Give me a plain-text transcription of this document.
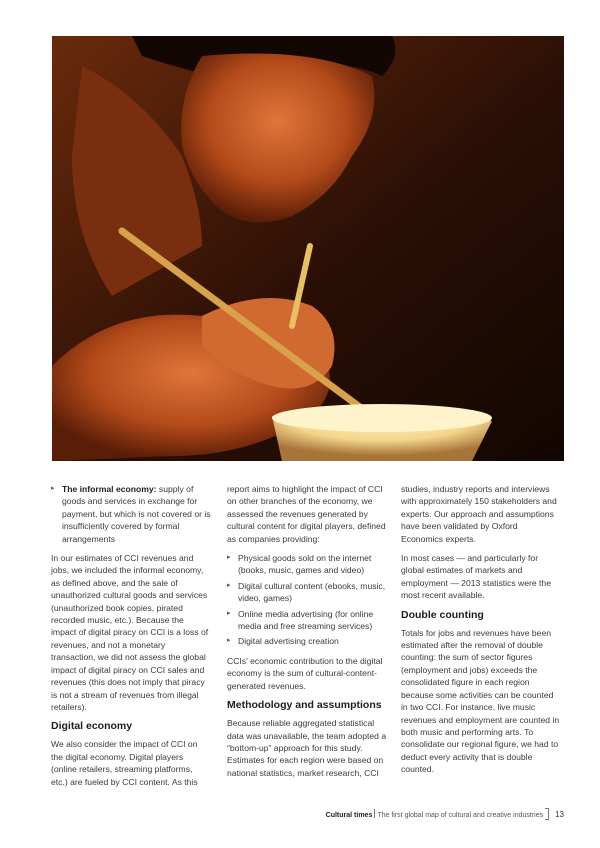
▸ The informal economy: supply of goods and services in exchange for payment, but which is not covered or is insufficiently covered by formal arrangements

In our estimates of CCI revenues and jobs, we included the informal economy, as defined above, and the sale of unauthorized cultural goods and services (unauthorized book copies, pirated recorded music, etc.). Because the impact of digital piracy on CCI is a loss of revenues, and not a monetary transaction, we did not assess the global impact of digital piracy on CCI sales and revenues (this does not imply that piracy is not a stream of revenues from illegal retailers).

Digital economy

We also consider the impact of CCI on the digital economy. Digital players (online retailers, streaming platforms, etc.) are fueled by CCI content. As this

report aims to highlight the impact of CCI on other branches of the economy, we assessed the revenues generated by cultural content for digital players, defined as companies providing:

▸ Physical goods sold on the internet (books, music, games and video)
▸ Digital cultural content (ebooks, music, video, games)
▸ Online media advertising (for online media and free streaming services)
▸ Digital advertising creation

CCIs' economic contribution to the digital economy is the sum of cultural-content-generated revenues.

Methodology and assumptions

Because reliable aggregated statistical data was unavailable, the team adopted a “bottom-up” approach for this study. Estimates for each region were based on national statistics, market research, CCI

studies, industry reports and interviews with approximately 150 stakeholders and experts. Our approach and assumptions have been validated by Oxford Economics experts.

In most cases — and particularly for global estimates of markets and employment — 2013 statistics were the most recent available.

Double counting

Totals for jobs and revenues have been estimated after the removal of double counting: the sum of sector figures (employment and jobs) exceeds the consolidated figure in each region because some activities can be counted in two CCI. For instance, live music revenues and employment are counted in both music and performing arts. To consolidate our regional figure, we had to deduct every activity that is double counted.

Cultural times The first global map of cultural and creative industries 13
